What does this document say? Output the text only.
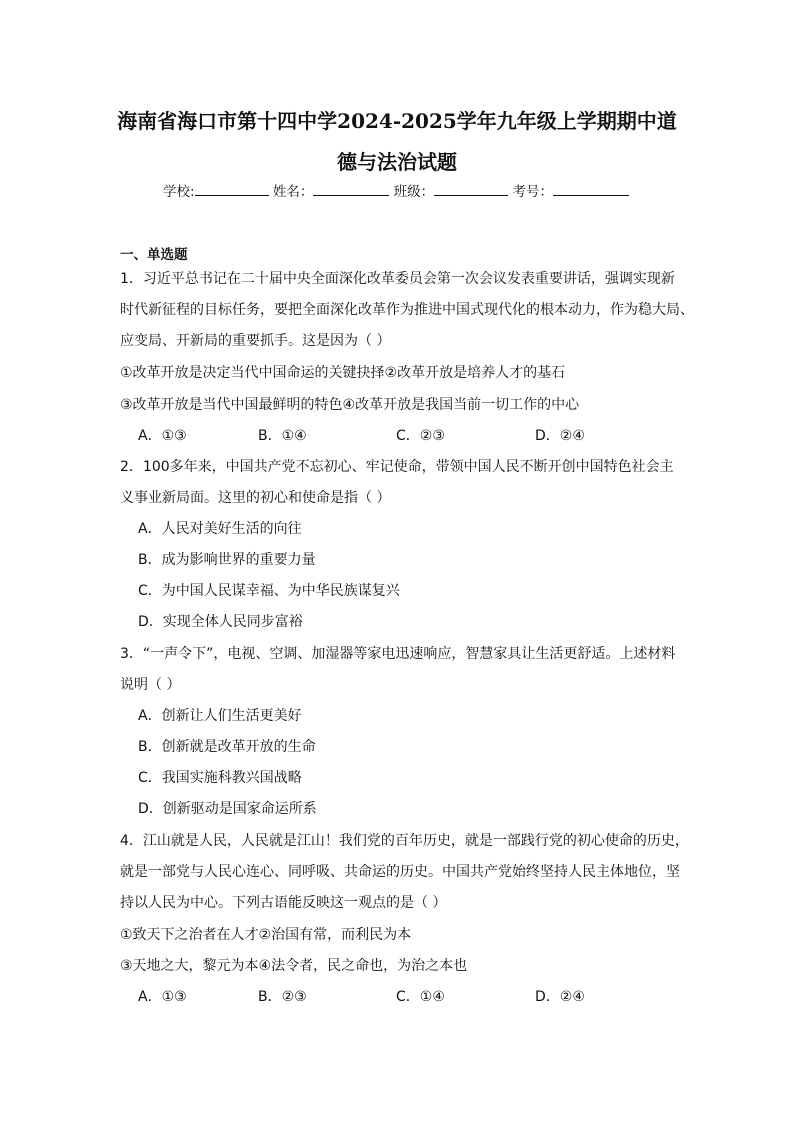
海南省海口市第十四中学2024-2025学年九年级上学期期中道
德与法治试题
学校:	姓名：	班级：	考号：
一、单选题
1．习近平总书记在二十届中央全面深化改革委员会第一次会议发表重要讲话，强调实现新
时代新征程的目标任务，要把全面深化改革作为推进中国式现代化的根本动力，作为稳大局、
应变局、开新局的重要抓手。这是因为（ ）
①改革开放是决定当代中国命运的关键抉择②改革开放是培养人才的基石
③改革开放是当代中国最鲜明的特色④改革开放是我国当前一切工作的中心
A．①③	B．①④	C．②③	D．②④
2．100多年来，中国共产党不忘初心、牢记使命，带领中国人民不断开创中国特色社会主
义事业新局面。这里的初心和使命是指（ ）
A．人民对美好生活的向往
B．成为影响世界的重要力量
C．为中国人民谋幸福、为中华民族谋复兴
D．实现全体人民同步富裕
3．“一声令下”，电视、空调、加湿器等家电迅速响应，智慧家具让生活更舒适。上述材料
说明（ ）
A．创新让人们生活更美好
B．创新就是改革开放的生命
C．我国实施科教兴国战略
D．创新驱动是国家命运所系
4．江山就是人民，人民就是江山！我们党的百年历史，就是一部践行党的初心使命的历史，
就是一部党与人民心连心、同呼吸、共命运的历史。中国共产党始终坚持人民主体地位，坚
持以人民为中心。下列古语能反映这一观点的是（ ）
①致天下之治者在人才②治国有常，而利民为本
③天地之大，黎元为本④法令者，民之命也，为治之本也
A．①③	B．②③	C．①④	D．②④
